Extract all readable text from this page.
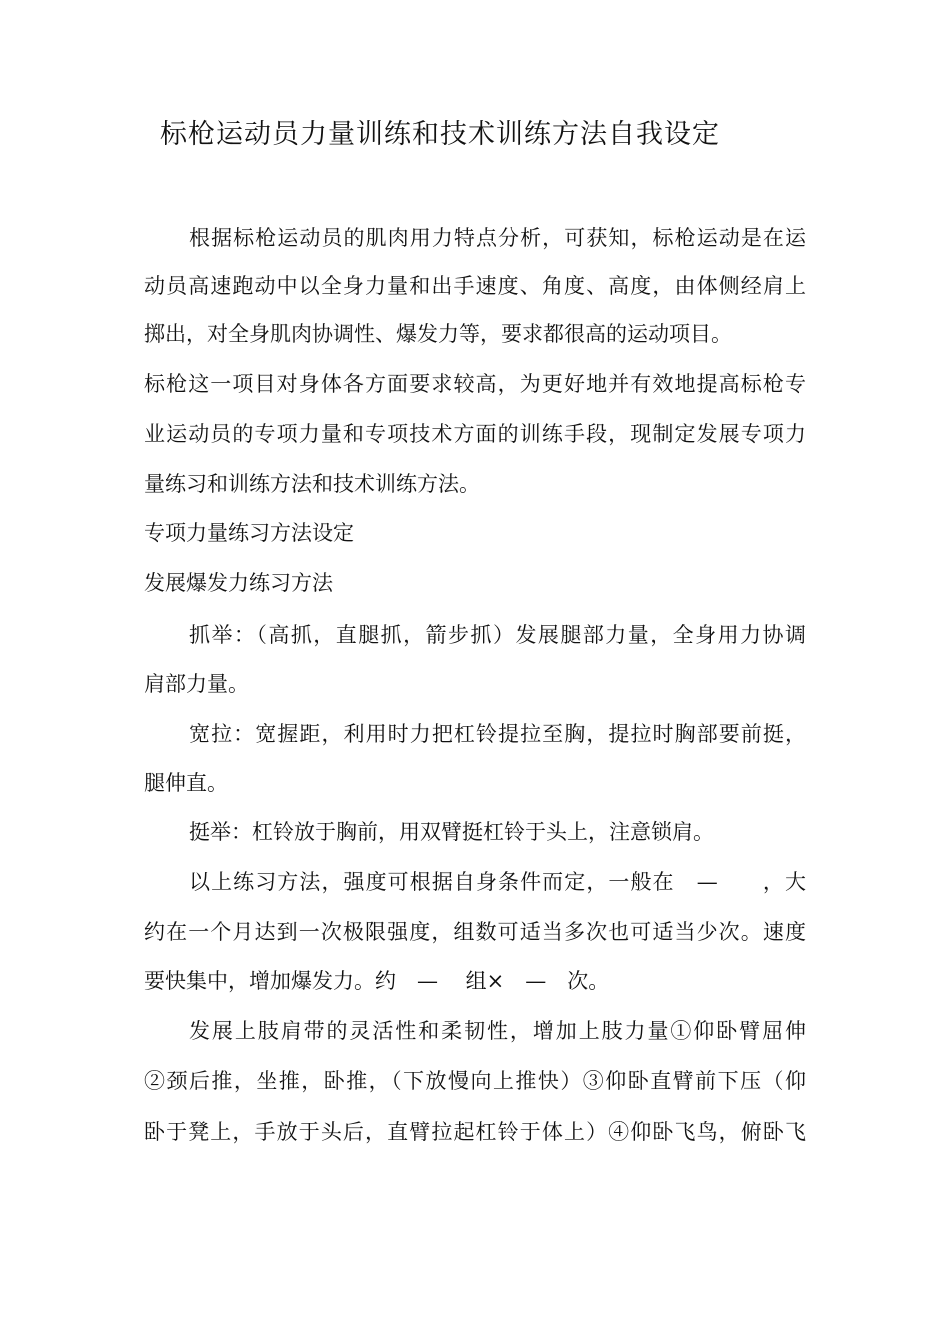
标枪运动员力量训练和技术训练方法自我设定
根据标枪运动员的肌肉用力特点分析，可获知，标枪运动是在运
动员高速跑动中以全身力量和出手速度、角度、高度，由体侧经肩上
掷出，对全身肌肉协调性、爆发力等，要求都很高的运动项目。
标枪这一项目对身体各方面要求较高，为更好地并有效地提高标枪专
业运动员的专项力量和专项技术方面的训练手段，现制定发展专项力
量练习和训练方法和技术训练方法。
专项力量练习方法设定
发展爆发力练习方法
抓举：（高抓，直腿抓，箭步抓）发展腿部力量，全身用力协调
肩部力量。
宽拉：宽握距，利用时力把杠铃提拉至胸，提拉时胸部要前挺，
腿伸直。
挺举：杠铃放于胸前，用双臂挺杠铃于头上，注意锁肩。
以上练习方法，强度可根据自身条件而定，一般在　—　　，大
约在一个月达到一次极限强度，组数可适当多次也可适当少次。速度
要快集中，增加爆发力。约　—　 组×　—　次。
发展上肢肩带的灵活性和柔韧性，增加上肢力量①仰卧臂屈伸
②颈后推，坐推，卧推，（下放慢向上推快）③仰卧直臂前下压（仰
卧于凳上，手放于头后，直臂拉起杠铃于体上）④仰卧飞鸟，俯卧飞
